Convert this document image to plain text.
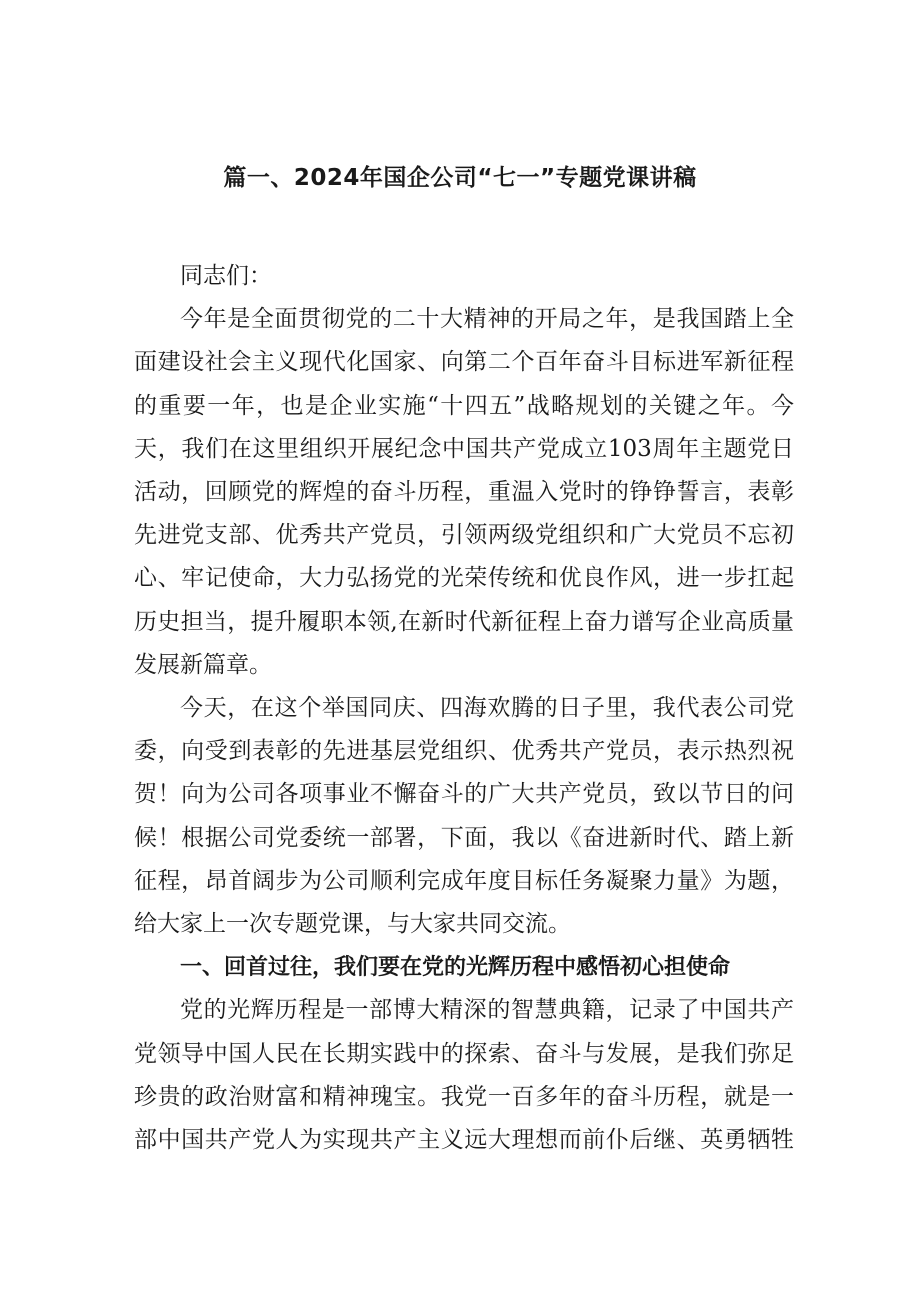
篇一、2024年国企公司“七一”专题党课讲稿

同志们：

今年是全面贯彻党的二十大精神的开局之年，是我国踏上全面建设社会主义现代化国家、向第二个百年奋斗目标进军新征程的重要一年，也是企业实施“十四五”战略规划的关键之年。今天，我们在这里组织开展纪念中国共产党成立103周年主题党日活动，回顾党的辉煌的奋斗历程，重温入党时的铮铮誓言，表彰先进党支部、优秀共产党员，引领两级党组织和广大党员不忘初心、牢记使命，大力弘扬党的光荣传统和优良作风，进一步扛起历史担当，提升履职本领,在新时代新征程上奋力谱写企业高质量发展新篇章。

今天，在这个举国同庆、四海欢腾的日子里，我代表公司党委，向受到表彰的先进基层党组织、优秀共产党员，表示热烈祝贺！向为公司各项事业不懈奋斗的广大共产党员，致以节日的问候！根据公司党委统一部署，下面，我以《奋进新时代、踏上新征程，昂首阔步为公司顺利完成年度目标任务凝聚力量》为题，给大家上一次专题党课，与大家共同交流。

一、回首过往，我们要在党的光辉历程中感悟初心担使命

党的光辉历程是一部博大精深的智慧典籍，记录了中国共产党领导中国人民在长期实践中的探索、奋斗与发展，是我们弥足珍贵的政治财富和精神瑰宝。我党一百多年的奋斗历程，就是一部中国共产党人为实现共产主义远大理想而前仆后继、英勇牺牲
